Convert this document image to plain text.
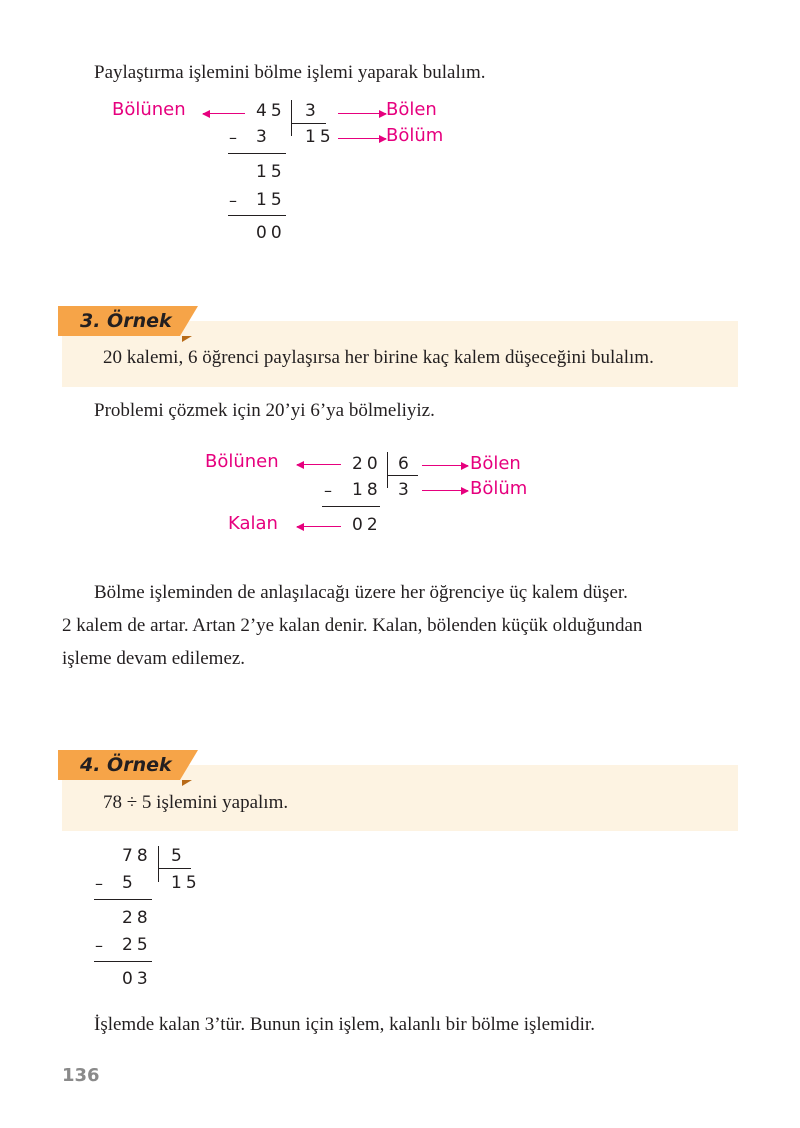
Paylaştırma işlemini bölme işlemi yaparak bulalım.
Bölünen	45 3	Bölen
– 3 15	Bölüm
15
– 15
00
3. Örnek
20 kalemi, 6 öğrenci paylaşırsa her birine kaç kalem düşeceğini bulalım.
Problemi çözmek için 20’yi 6’ya bölmeliyiz.
Bölünen	20 6	Bölen
– 18 3	Bölüm
Kalan	02
Bölme işleminden de anlaşılacağı üzere her öğrenciye üç kalem düşer.
2 kalem de artar. Artan 2’ye kalan denir. Kalan, bölenden küçük olduğundan
işleme devam edilemez.
4. Örnek
78 ÷ 5 işlemini yapalım.
78 5
– 5 15
28
– 25
03
İşlemde kalan 3’tür. Bunun için işlem, kalanlı bir bölme işlemidir.
136
